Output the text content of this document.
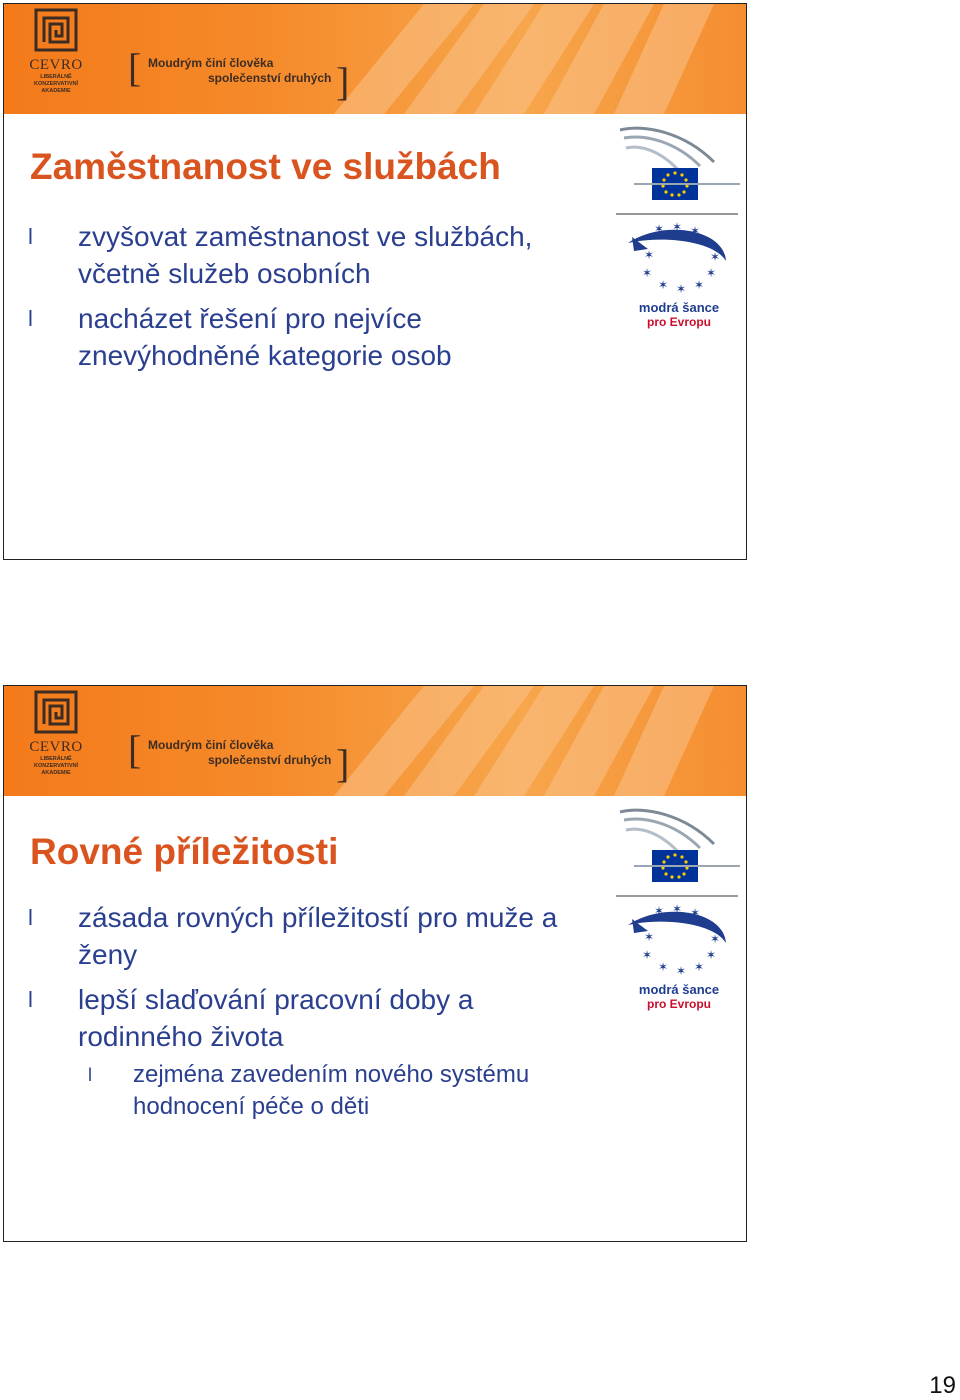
CEVRO
LIBERÁLNĚ
KONZERVATIVNÍ
AKADEMIE
[ Moudrým činí člověka
společenství druhých ]
Zaměstnanost ve službách
l zvyšovat zaměstnanost ve službách, včetně služeb osobních
l nacházet řešení pro nejvíce znevýhodněné kategorie osob
✶ ✶ ✶
✶
✶
✶ ✶ ✶
✶
✶
modrá šance
pro Evropu
CEVRO
LIBERÁLNĚ
KONZERVATIVNÍ
AKADEMIE
[ Moudrým činí člověka
společenství druhých ]
Rovné příležitosti
l zásada rovných příležitostí pro muže a ženy
l lepší slaďování pracovní doby a rodinného života
l zejména zavedením nového systému hodnocení péče o děti
✶ ✶ ✶
✶
✶
✶ ✶ ✶
✶
✶
modrá šance
pro Evropu
19
